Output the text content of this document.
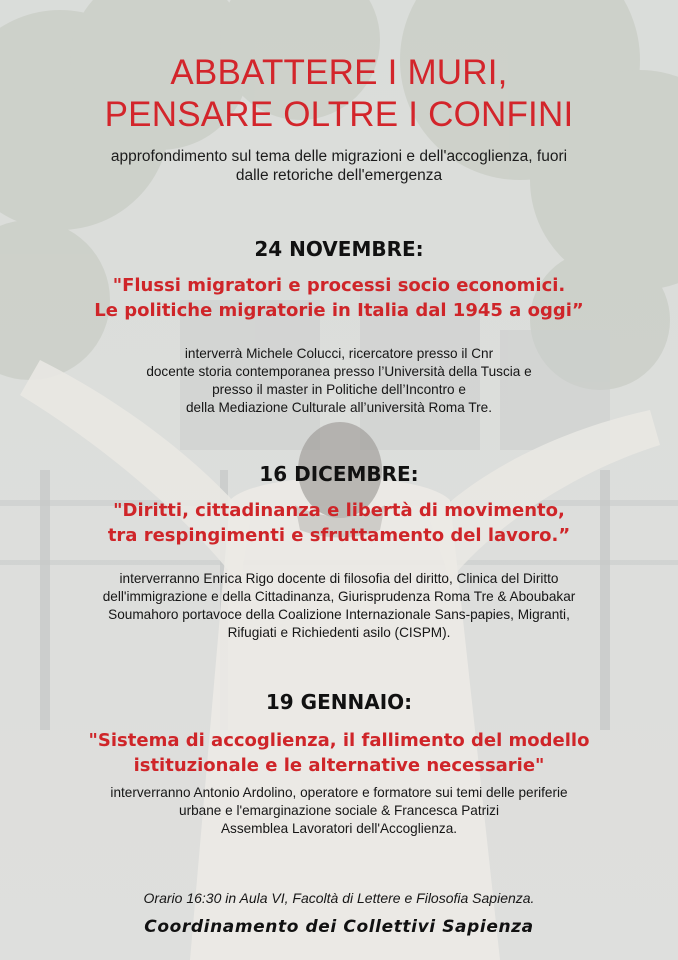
ABBATTERE I MURI,
PENSARE OLTRE I CONFINI
approfondimento sul tema delle migrazioni e dell'accoglienza, fuori
dalle retoriche dell'emergenza
24 NOVEMBRE:
"Flussi migratori e processi socio economici.
Le politiche migratorie in Italia dal 1945 a oggi”
interverrà Michele Colucci, ricercatore presso il Cnr
docente storia contemporanea presso l’Università della Tuscia e
presso il master in Politiche dell’Incontro e
della Mediazione Culturale all’università Roma Tre.
16 DICEMBRE:
"Diritti, cittadinanza e libertà di movimento,
tra respingimenti e sfruttamento del lavoro.”
interverranno Enrica Rigo docente di filosofia del diritto, Clinica del Diritto
dell'immigrazione e della Cittadinanza, Giurisprudenza Roma Tre & Aboubakar
Soumahoro portavoce della Coalizione Internazionale Sans-papies, Migranti,
Rifugiati e Richiedenti asilo (CISPM).
19 GENNAIO:
"Sistema di accoglienza, il fallimento del modello
istituzionale e le alternative necessarie"
interverranno Antonio Ardolino, operatore e formatore sui temi delle periferie
urbane e l'emarginazione sociale & Francesca Patrizi
Assemblea Lavoratori dell'Accoglienza.
Orario 16:30 in Aula VI, Facoltà di Lettere e Filosofia Sapienza.
Coordinamento dei Collettivi Sapienza
